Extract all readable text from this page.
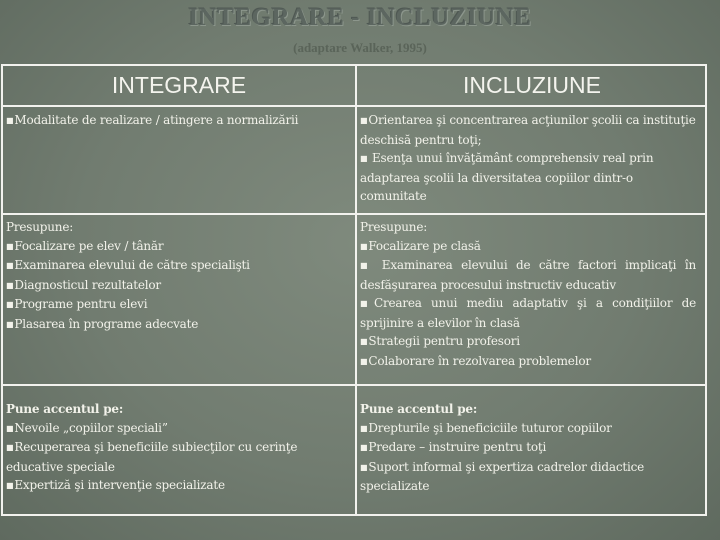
INTEGRARE - INCLUZIUNE
(adaptare Walker, 1995)
INTEGRARE	INCLUZIUNE

■Modalitate de realizare / atingere a normalizării	■Orientarea şi concentrarea acţiunilor şcolii ca instituţie deschisă pentru toţi;

■ Esenţa unui învăţământ comprehensiv real prin adaptarea şcolii la diversitatea copiilor dintr-o comunitate

Presupune:

■Focalizare pe elev / tânăr

■Examinarea elevului de către specialişti

■Diagnosticul rezultatelor

■Programe pentru elevi

■Plasarea în programe adecvate

Presupune:

■Focalizare pe clasă

■ Examinarea elevului de către factori implicaţi în desfăşurarea procesului instructiv educativ

■Crearea unui mediu adaptativ şi a condiţiilor de sprijinire a elevilor în clasă

■Strategii pentru profesori

■Colaborare în rezolvarea problemelor

Pune accentul pe:

■Nevoile „copiilor speciali”

■Recuperarea şi beneficiile subiecţilor cu cerinţe educative speciale

■Expertiză şi intervenţie specializate

Pune accentul pe:

■Drepturile şi beneficiciile tuturor copiilor

■Predare – instruire pentru toţi

■Suport informal şi expertiza cadrelor didactice specializate
